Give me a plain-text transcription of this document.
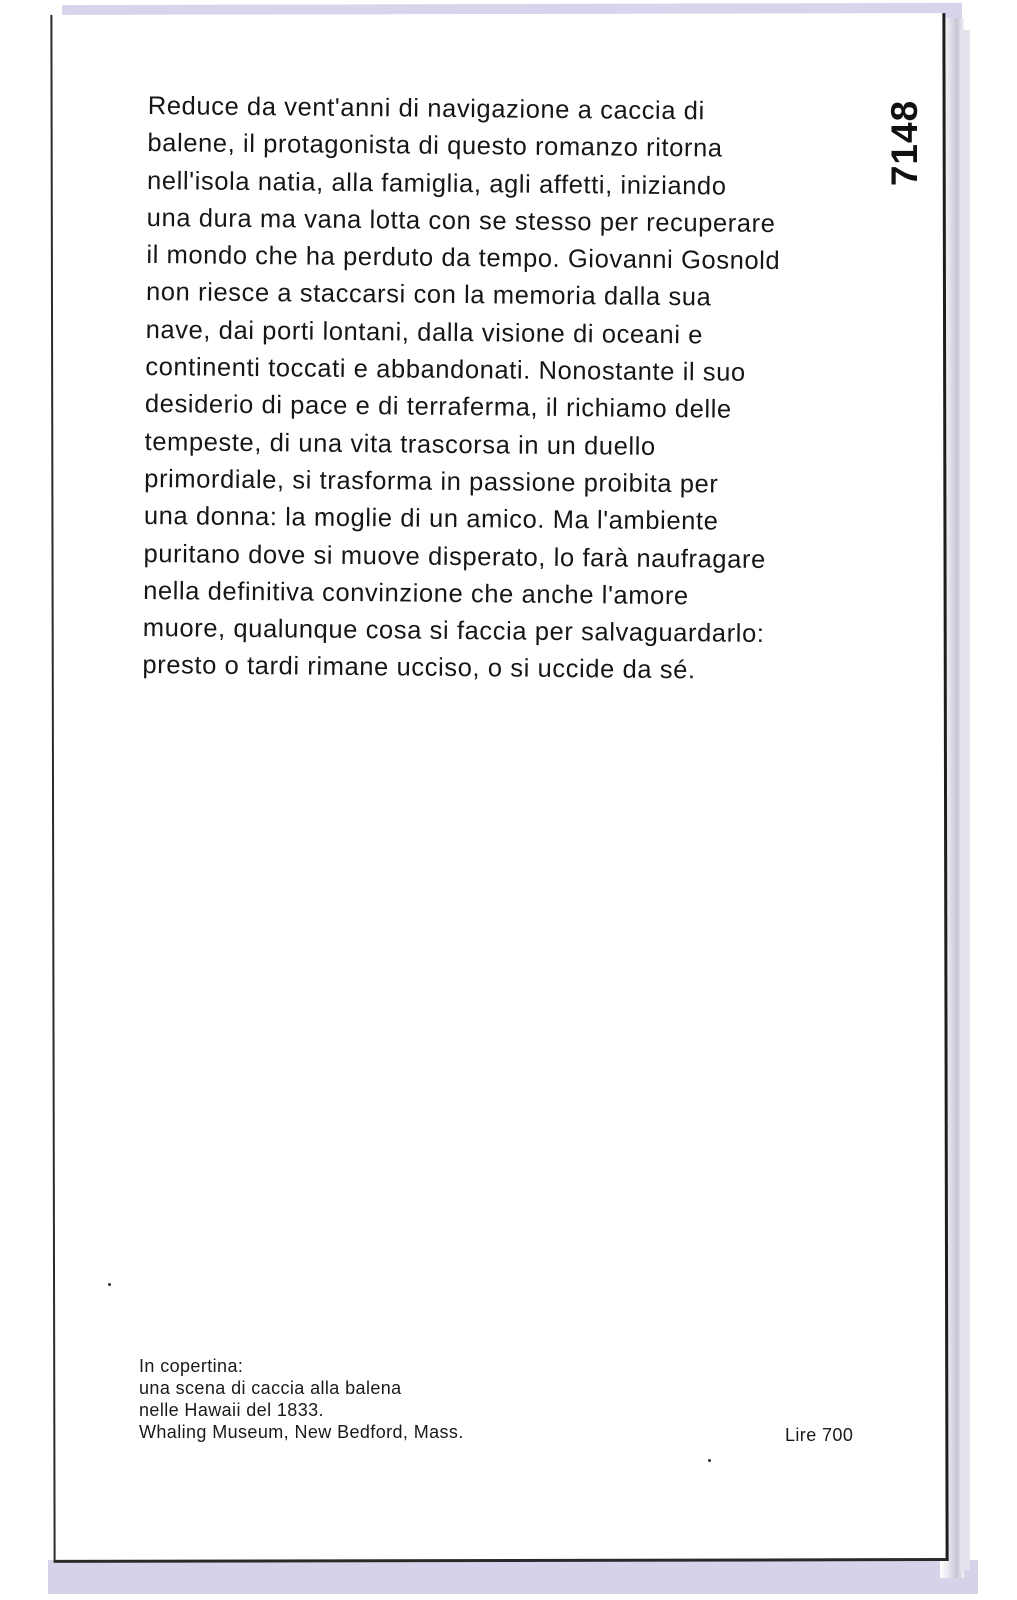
Reduce da vent'anni di navigazione a caccia di
balene, il protagonista di questo romanzo ritorna
nell'isola natia, alla famiglia, agli affetti, iniziando
una dura ma vana lotta con se stesso per recuperare
il mondo che ha perduto da tempo. Giovanni Gosnold
non riesce a staccarsi con la memoria dalla sua
nave, dai porti lontani, dalla visione di oceani e
continenti toccati e abbandonati. Nonostante il suo
desiderio di pace e di terraferma, il richiamo delle
tempeste, di una vita trascorsa in un duello
primordiale, si trasforma in passione proibita per
una donna: la moglie di un amico. Ma l'ambiente
puritano dove si muove disperato, lo farà naufragare
nella definitiva convinzione che anche l'amore
muore, qualunque cosa si faccia per salvaguardarlo:
presto o tardi rimane ucciso, o si uccide da sé.

7148

In copertina:
una scena di caccia alla balena
nelle Hawaii del 1833.
Whaling Museum, New Bedford, Mass.	Lire 700
